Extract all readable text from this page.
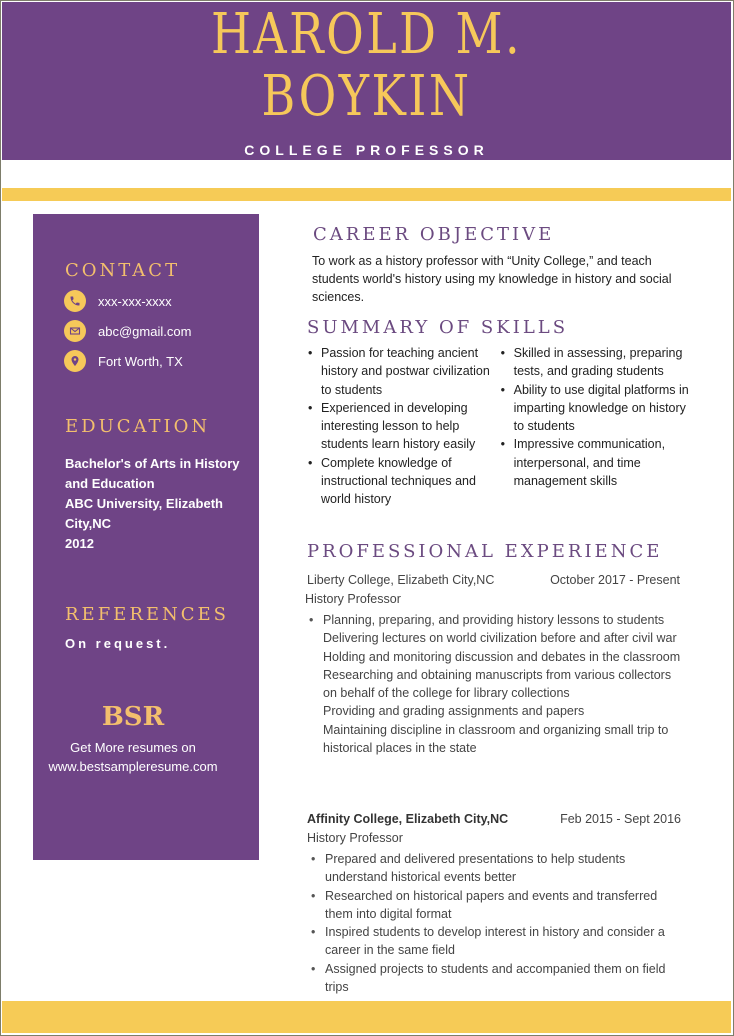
HAROLD M.
BOYKIN
COLLEGE PROFESSOR
CONTACT
xxx-xxx-xxxx
abc@gmail.com
Fort Worth, TX
EDUCATION
Bachelor's of Arts in History
and Education
ABC University, Elizabeth
City,NC
2012
REFERENCES
On request.
BSR
Get More resumes on
www.bestsampleresume.com
CAREER OBJECTIVE
To work as a history professor with “Unity College,” and teach students world's history using my knowledge in history and social sciences.
SUMMARY OF SKILLS
• Passion for teaching ancient history and postwar civilization to students
• Experienced in developing interesting lesson to help students learn history easily
• Complete knowledge of instructional techniques and world history
• Skilled in assessing, preparing tests, and grading students
• Ability to use digital platforms in imparting knowledge on history to students
• Impressive communication, interpersonal, and time management skills
PROFESSIONAL EXPERIENCE
Liberty College, Elizabeth City,NC	October 2017 - Present
History Professor
• Planning, preparing, and providing history lessons to students
Delivering lectures on world civilization before and after civil war
Holding and monitoring discussion and debates in the classroom
Researching and obtaining manuscripts from various collectors on behalf of the college for library collections
Providing and grading assignments and papers
Maintaining discipline in classroom and organizing small trip to historical places in the state
Affinity College, Elizabeth City,NC	Feb 2015 - Sept 2016
History Professor
• Prepared and delivered presentations to help students understand historical events better
• Researched on historical papers and events and transferred them into digital format
• Inspired students to develop interest in history and consider a career in the same field
• Assigned projects to students and accompanied them on field trips
